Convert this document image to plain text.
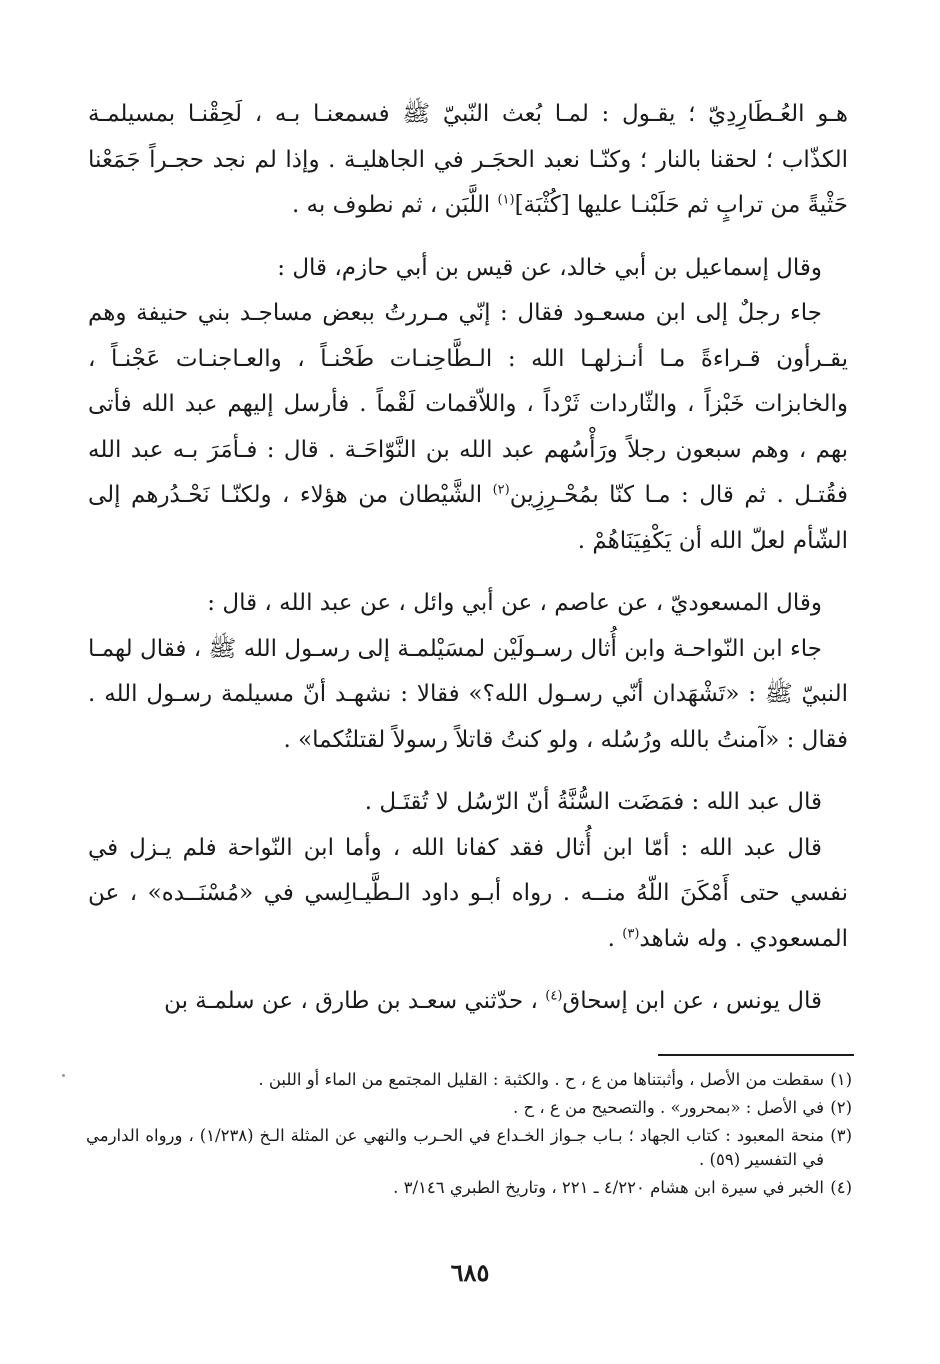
هـو العُـطَارِدِيّ ؛ يقـول : لمـا بُعث النّبيّ ﷺ فسمعنـا بـه ، لَحِقْنـا بمسيلمـة الكذّاب ؛ لحقنا بالنار ؛ وكنّـا نعبد الحجَـر في الجاهليـة . وإذا لم نجد حجـراً جَمَعْنا حَثْيةً من ترابٍ ثم حَلَبْنـا عليها [كُثْبَة]$^{(١)}$ اللَّبَن ، ثم نطوف به .

وقال إسماعيل بن أبي خالد، عن قيس بن أبي حازم، قال :

جاء رجلٌ إلى ابن مسعـود فقال : إنّي مـررتُ ببعض مساجـد بني حنيفة وهم يقـرأون قـراءةً مـا أنـزلهـا الله : الـطَّاحِنـات طَحْنـاً ، والعـاجنـات عَجْنـاً ، والخابزات خَبْزاً ، والثّاردات ثَرْداً ، واللاّقمات لَقْماً . فأرسل إليهم عبد الله فأتى بهم ، وهم سبعون رجلاً ورَأْسُهم عبد الله بن النَّوّاحَـة . قال : فـأمَرَ بـه عبد الله فقُتـل . ثم قال : مـا كنّا بمُحْـرِزِين$^{(٢)}$ الشَّيْطان من هؤلاء ، ولكنّـا نَحْـدُرهم إلى الشّأم لعلّ الله أن يَكْفِيَنَاهُمْ .

وقال المسعوديّ ، عن عاصم ، عن أبي وائل ، عن عبد الله ، قال :

جاء ابن النّواحـة وابن أُثال رسـولَيْن لمسَيْلمـة إلى رسـول الله ﷺ ، فقال لهمـا النبيّ ﷺ : «تَشْهَدان أنّي رسـول الله؟» فقالا : نشهـد أنّ مسيلمة رسـول الله . فقال : «آمنتُ بالله ورُسُله ، ولو كنتُ قاتلاً رسولاً لقتلتُكما» .

قال عبد الله : فمَضَت السُّنَّةُ أنّ الرّسُل لا تُقتَـل .

قال عبد الله : أمّا ابن أُثال فقد كفانا الله ، وأما ابن النّواحة فلم يـزل في نفسي حتى أَمْكَنَ اللّهُ منــه . رواه أبـو داود الـطَّيـالِسي في «مُسْنَــده» ، عن المسعودي . وله شاهد$^{(٣)}$ .

قال يونس ، عن ابن إسحاق$^{(٤)}$ ، حدّثني سعـد بن طارق ، عن سلمـة بن

(١)
سقطت من الأصل ، وأثبتناها من ع ، ح . والكثبة : القليل المجتمع من الماء أو اللبن .

(٢)
في الأصل : «بمحرور» . والتصحيح من ع ، ح .

(٣)
منحة المعبود : كتاب الجهاد ؛ بـاب جـواز الخـداع في الحـرب والنهي عن المثلة الـخ (١/٢٣٨) ، ورواه الدارمي في التفسير (٥٩) .

(٤)
الخبر في سيرة ابن هشام ٤/٢٢٠ ـ ٢٢١ ، وتاريخ الطبري ٣/١٤٦ .

٦٨٥
